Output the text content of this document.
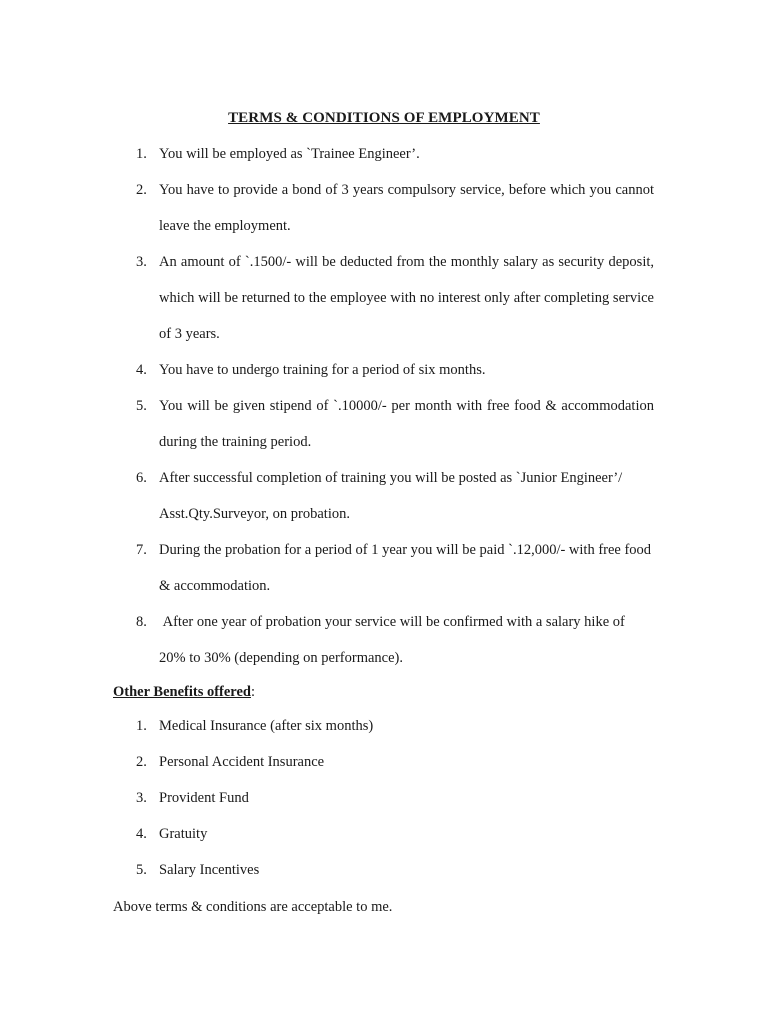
TERMS & CONDITIONS OF EMPLOYMENT
1. You will be employed as `Trainee Engineer’.
2. You have to provide a bond of 3 years compulsory service, before which you cannot leave the employment.
3. An amount of `.1500/- will be deducted from the monthly salary as security deposit, which will be returned to the employee with no interest only after completing service of 3 years.
4. You have to undergo training for a period of six months.
5. You will be given stipend of `.10000/- per month with free food & accommodation during the training period.
6. After successful completion of training you will be posted as `Junior Engineer’/ Asst.Qty.Surveyor, on probation.
7. During the probation for a period of 1 year you will be paid `.12,000/- with free food & accommodation.
8. After one year of probation your service will be confirmed with a salary hike of 20% to 30% (depending on performance).
Other Benefits offered:
1. Medical Insurance (after six months)
2. Personal Accident Insurance
3. Provident Fund
4. Gratuity
5. Salary Incentives
Above terms & conditions are acceptable to me.
